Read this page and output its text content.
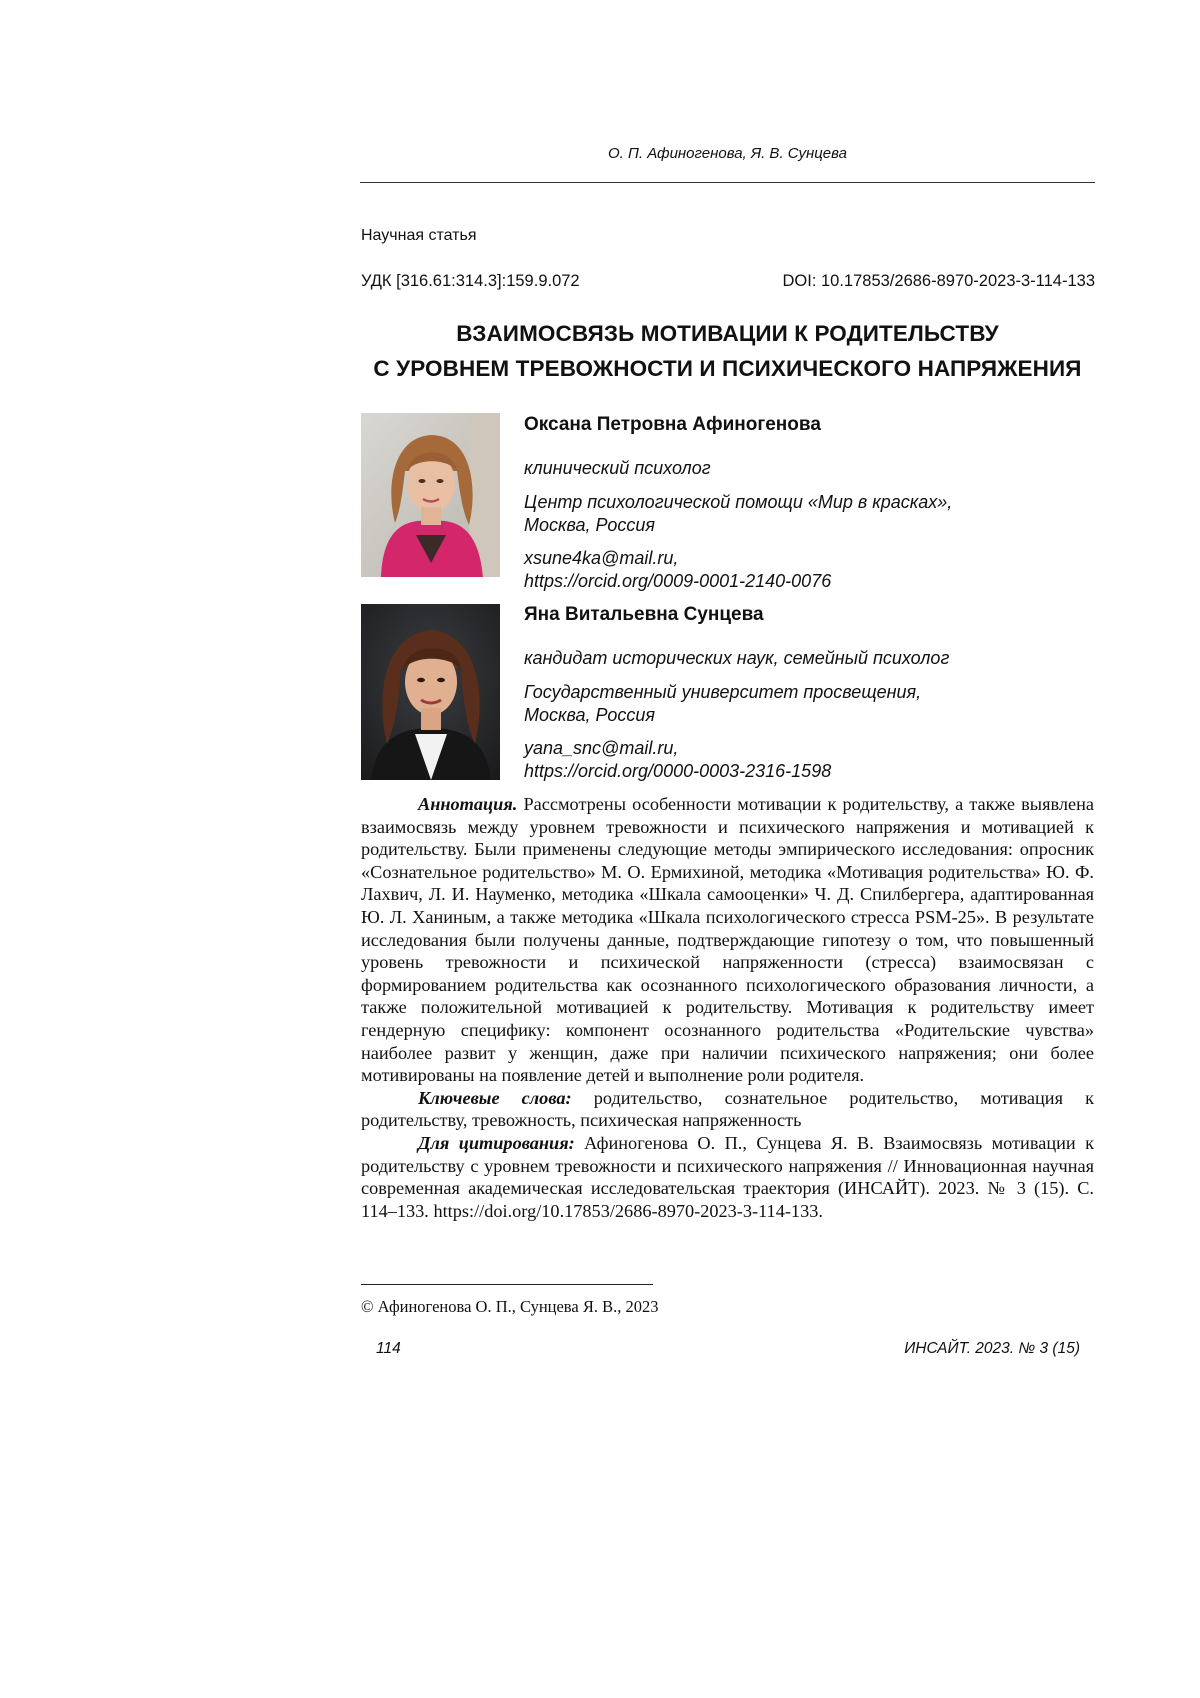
О. П. Афиногенова, Я. В. Сунцева
Научная статья
УДК [316.61:314.3]:159.9.072	DOI: 10.17853/2686-8970-2023-3-114-133
ВЗАИМОСВЯЗЬ МОТИВАЦИИ К РОДИТЕЛЬСТВУ
С УРОВНЕМ ТРЕВОЖНОСТИ И ПСИХИЧЕСКОГО НАПРЯЖЕНИЯ
Оксана Петровна Афиногенова
клинический психолог
Центр психологической помощи «Мир в красках»,
Москва, Россия
xsune4ka@mail.ru,
https://orcid.org/0009-0001-2140-0076
Яна Витальевна Сунцева
кандидат исторических наук, семейный психолог
Государственный университет просвещения,
Москва, Россия
yana_snc@mail.ru,
https://orcid.org/0000-0003-2316-1598

Аннотация. Рассмотрены особенности мотивации к родительству, а также выявлена взаимосвязь между уровнем тревожности и психического напряжения и мотивацией к родительству. Были применены следующие методы эмпирического исследования: опросник «Сознательное родительство» М. О. Ермихиной, методика «Мотивация родительства» Ю. Ф. Лахвич, Л. И. Науменко, методика «Шкала самооценки» Ч. Д. Спилбергера, адаптированная Ю. Л. Ханиным, а также методика «Шкала психологического стресса PSM-25». В результате исследования были получены данные, подтверждающие гипотезу о том, что повышенный уровень тревожности и психической напряженности (стресса) взаимосвязан с формированием родительства как осознанного психологического образования личности, а также положительной мотивацией к родительству. Мотивация к родительству имеет гендерную специфику: компонент осознанного родительства «Родительские чувства» наиболее развит у женщин, даже при наличии психического напряжения; они более мотивированы на появление детей и выполнение роли родителя.

Ключевые слова: родительство, сознательное родительство, мотивация к родительству, тревожность, психическая напряженность

Для цитирования: Афиногенова О. П., Сунцева Я. В. Взаимосвязь мотивации к родительству с уровнем тревожности и психического напряжения // Инновационная научная современная академическая исследовательская траектория (ИНСАЙТ). 2023. № 3 (15). С. 114–133. https://doi.org/10.17853/2686-8970-2023-3-114-133.

© Афиногенова О. П., Сунцева Я. В., 2023
114	ИНСАЙТ. 2023. № 3 (15)
